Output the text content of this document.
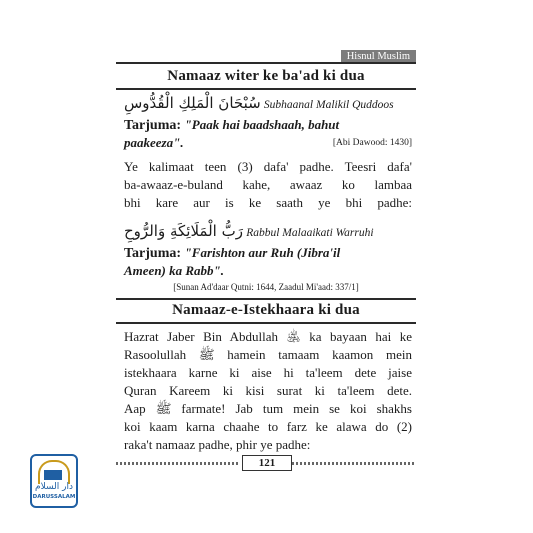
Hisnul Muslim
Namaaz witer ke ba'ad ki dua
سُبْحَانَ الْمَلِكِ الْقُدُّوسِ Subhaanal Malikil Quddoos
Tarjuma: "Paak hai baadshaah, bahut
paakeeza".	[Abi Dawood: 1430]
Ye kalimaat teen (3) dafa' padhe. Teesri dafa'
ba-awaaz-e-buland kahe, awaaz ko lambaa
bhi kare aur is ke saath ye bhi padhe:
رَبُّ الْمَلَائِكَةِ وَالرُّوحِ Rabbul Malaaikati Warruhi
Tarjuma: "Farishton aur Ruh (Jibra'il
Ameen) ka Rabb".
[Sunan Ad'daar Qutni: 1644, Zaadul Mi'aad: 337/1]
Namaaz-e-Istekhaara ki dua
Hazrat Jaber Bin Abdullah ﵁ ka bayaan hai ke
Rasoolullah ﷺ hamein tamaam kaamon mein
istekhaara karne ki aise hi ta'leem dete jaise
Quran Kareem ki kisi surat ki ta'leem dete.
Aap ﷺ farmate! Jab tum mein se koi shakhs
koi kaam karna chaahe to farz ke alawa do (2)
raka't namaaz padhe, phir ye padhe:
121
دار السلام
DARUSSALAM
